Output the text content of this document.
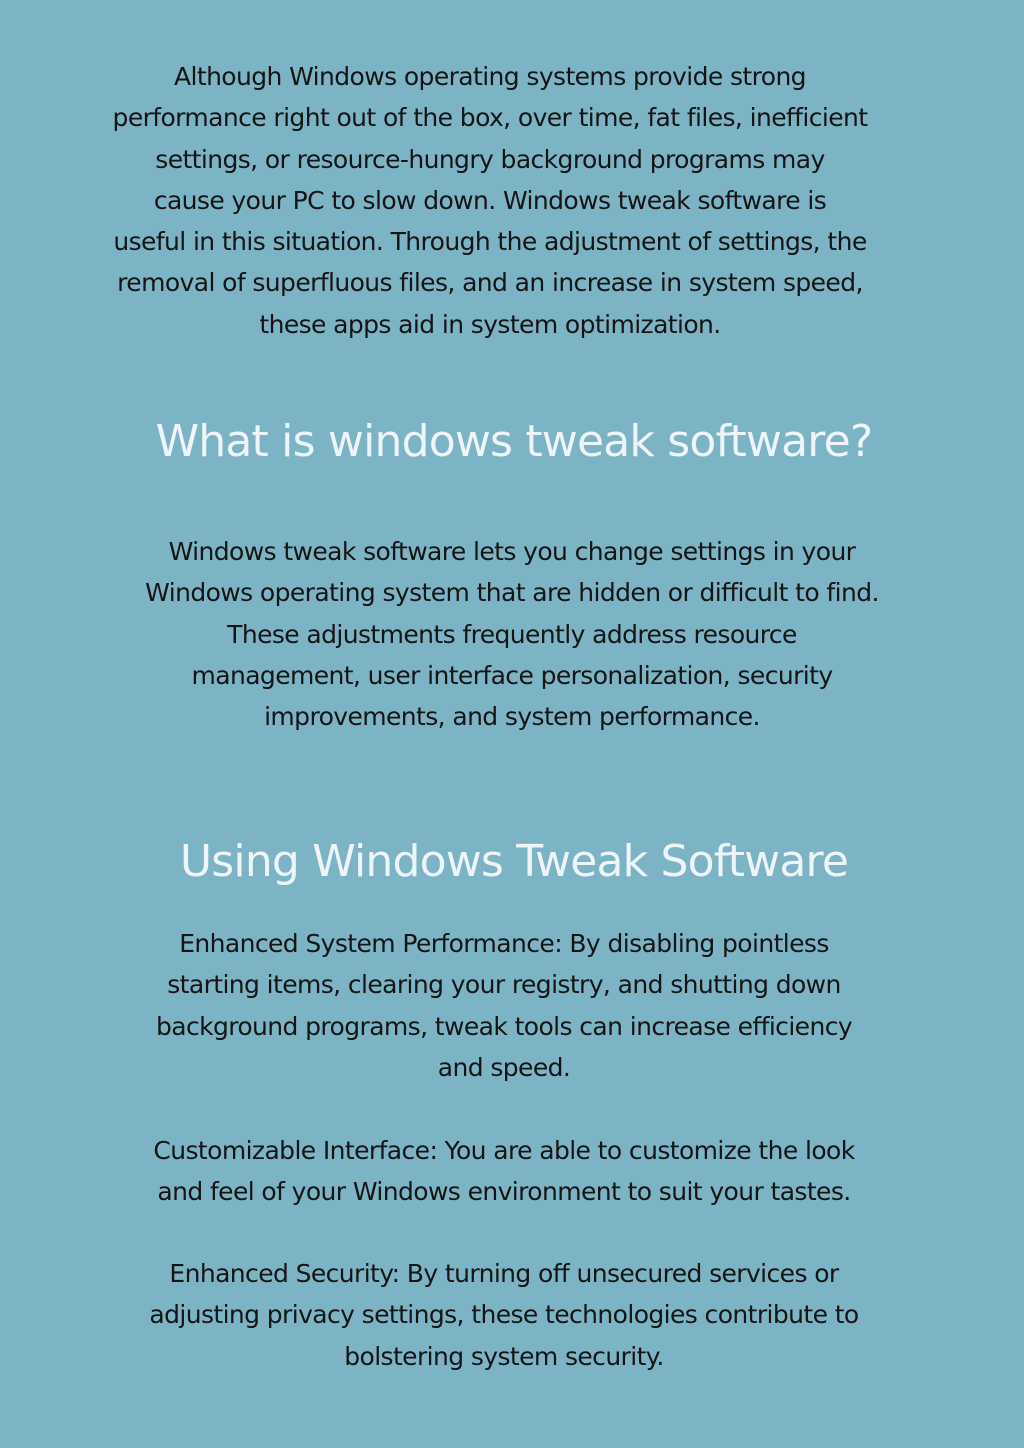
Although Windows operating systems provide strong
performance right out of the box, over time, fat files, inefficient
settings, or resource-hungry background programs may
cause your PC to slow down. Windows tweak software is
useful in this situation. Through the adjustment of settings, the
removal of superfluous files, and an increase in system speed,
these apps aid in system optimization.

What is windows tweak software?

Windows tweak software lets you change settings in your
Windows operating system that are hidden or difficult to find.
These adjustments frequently address resource
management, user interface personalization, security
improvements, and system performance.

Using Windows Tweak Software

Enhanced System Performance: By disabling pointless
starting items, clearing your registry, and shutting down
background programs, tweak tools can increase efficiency
and speed.

Customizable Interface: You are able to customize the look
and feel of your Windows environment to suit your tastes.

Enhanced Security: By turning off unsecured services or
adjusting privacy settings, these technologies contribute to
bolstering system security.
